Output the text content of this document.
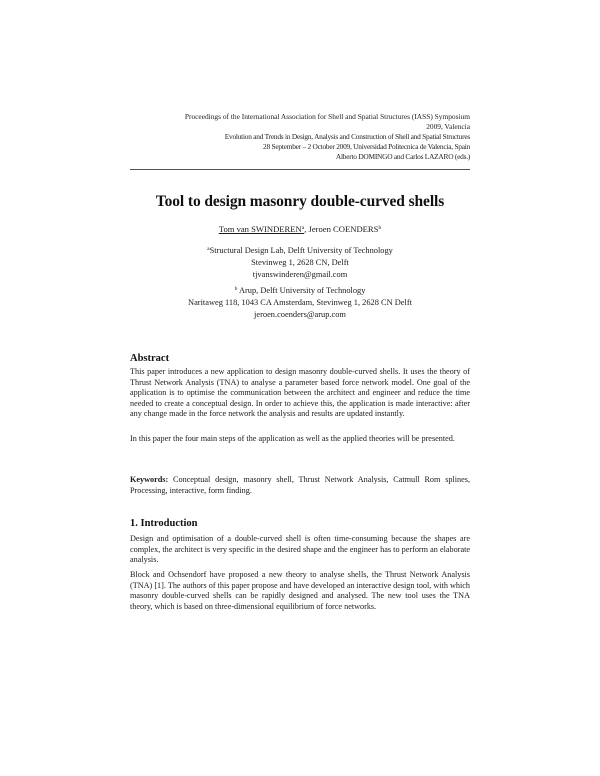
Proceedings of the International Association for Shell and Spatial Structures (IASS) Symposium
2009, Valencia
Evolution and Trends in Design, Analysis and Construction of Shell and Spatial Structures
28 September – 2 October 2009, Universidad Politecnica de Valencia, Spain
Alberto DOMINGO and Carlos LAZARO (eds.)
Tool to design masonry double-curved shells
Tom van SWINDEREN$^a$, Jeroen COENDERS$^b$
$^a$Structural Design Lab, Delft University of Technology
Stevinweg 1, 2628 CN, Delft
tjvanswinderen@gmail.com
$^b$ Arup, Delft University of Technology
Naritaweg 118, 1043 CA Amsterdam, Stevinweg 1, 2628 CN Delft
jeroen.coenders@arup.com
Abstract
This paper introduces a new application to design masonry double-curved shells. It uses the theory of Thrust Network Analysis (TNA) to analyse a parameter based force network model. One goal of the application is to optimise the communication between the architect and engineer and reduce the time needed to create a conceptual design. In order to achieve this, the application is made interactive: after any change made in the force network the analysis and results are updated instantly.
In this paper the four main steps of the application as well as the applied theories will be presented.
Keywords: Conceptual design, masonry shell, Thrust Network Analysis, Catmull Rom splines, Processing, interactive, form finding.
1. Introduction
Design and optimisation of a double-curved shell is often time-consuming because the shapes are complex, the architect is very specific in the desired shape and the engineer has to perform an elaborate analysis.
Block and Ochsendorf have proposed a new theory to analyse shells, the Thrust Network Analysis (TNA) [1]. The authors of this paper propose and have developed an interactive design tool, with which masonry double-curved shells can be rapidly designed and analysed. The new tool uses the TNA theory, which is based on three-dimensional equilibrium of force networks.
